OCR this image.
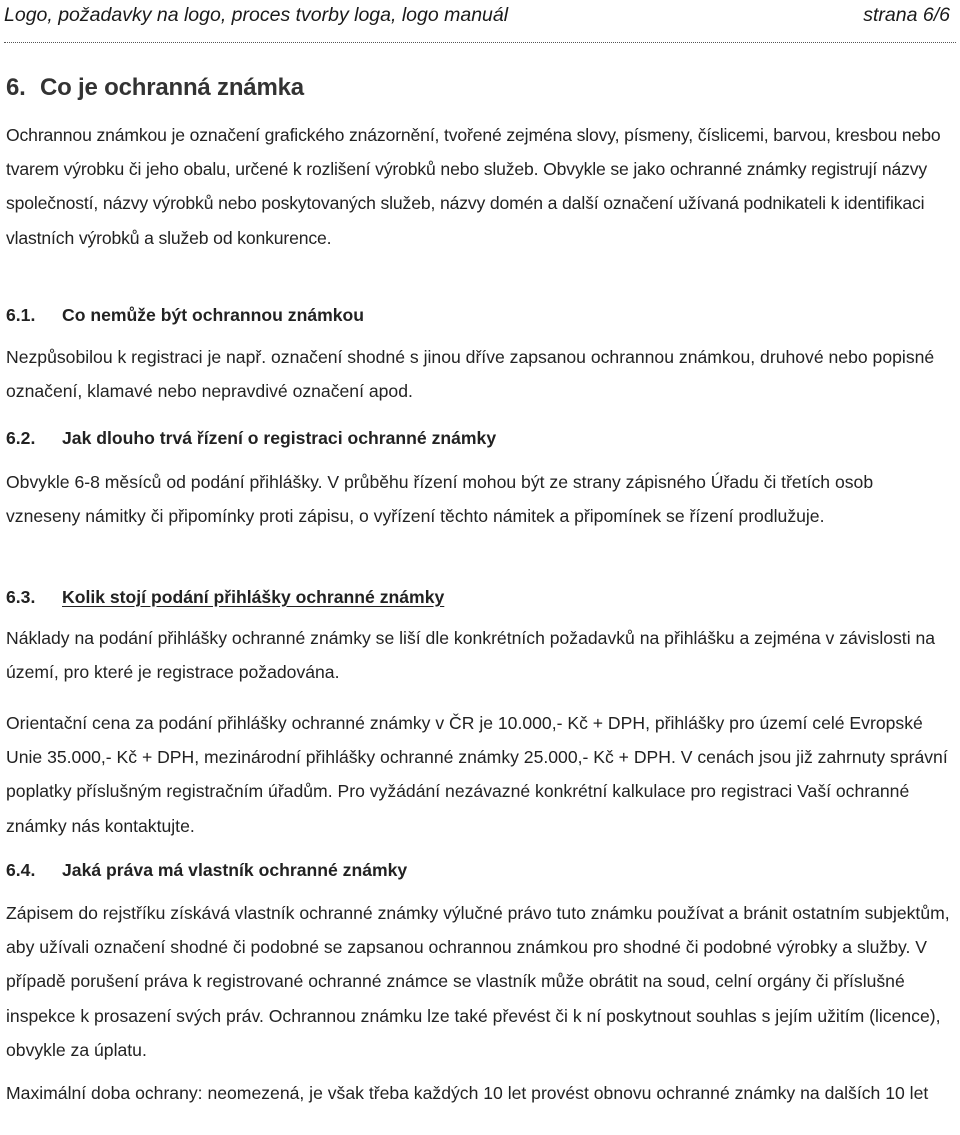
Logo, požadavky na logo, proces tvorby loga, logo manuál	strana 6/6
6. Co je ochranná známka

Ochrannou známkou je označení grafického znázornění, tvořené zejména slovy, písmeny, číslicemi, barvou, kresbou nebo tvarem výrobku či jeho obalu, určené k rozlišení výrobků nebo služeb. Obvykle se jako ochranné známky registrují názvy společností, názvy výrobků nebo poskytovaných služeb, názvy domén a další označení užívaná podnikateli k identifikaci vlastních výrobků a služeb od konkurence.

6.1. Co nemůže být ochrannou známkou

Nezpůsobilou k registraci je např. označení shodné s jinou dříve zapsanou ochrannou známkou, druhové nebo popisné označení, klamavé nebo nepravdivé označení apod.

6.2. Jak dlouho trvá řízení o registraci ochranné známky

Obvykle 6-8 měsíců od podání přihlášky. V průběhu řízení mohou být ze strany zápisného Úřadu či třetích osob vzneseny námitky či připomínky proti zápisu, o vyřízení těchto námitek a připomínek se řízení prodlužuje.

6.3. Kolik stojí podání přihlášky ochranné známky

Náklady na podání přihlášky ochranné známky se liší dle konkrétních požadavků na přihlášku a zejména v závislosti na území, pro které je registrace požadována.

Orientační cena za podání přihlášky ochranné známky v ČR je 10.000,- Kč + DPH, přihlášky pro území celé Evropské Unie 35.000,- Kč + DPH, mezinárodní přihlášky ochranné známky 25.000,- Kč + DPH. V cenách jsou již zahrnuty správní poplatky příslušným registračním úřadům. Pro vyžádání nezávazné konkrétní kalkulace pro registraci Vaší ochranné známky nás kontaktujte.

6.4. Jaká práva má vlastník ochranné známky

Zápisem do rejstříku získává vlastník ochranné známky výlučné právo tuto známku používat a bránit ostatním subjektům, aby užívali označení shodné či podobné se zapsanou ochrannou známkou pro shodné či podobné výrobky a služby. V případě porušení práva k registrované ochranné známce se vlastník může obrátit na soud, celní orgány či příslušné inspekce k prosazení svých práv. Ochrannou známku lze také převést či k ní poskytnout souhlas s jejím užitím (licence), obvykle za úplatu.

Maximální doba ochrany: neomezená, je však třeba každých 10 let provést obnovu ochranné známky na dalších 10 let
